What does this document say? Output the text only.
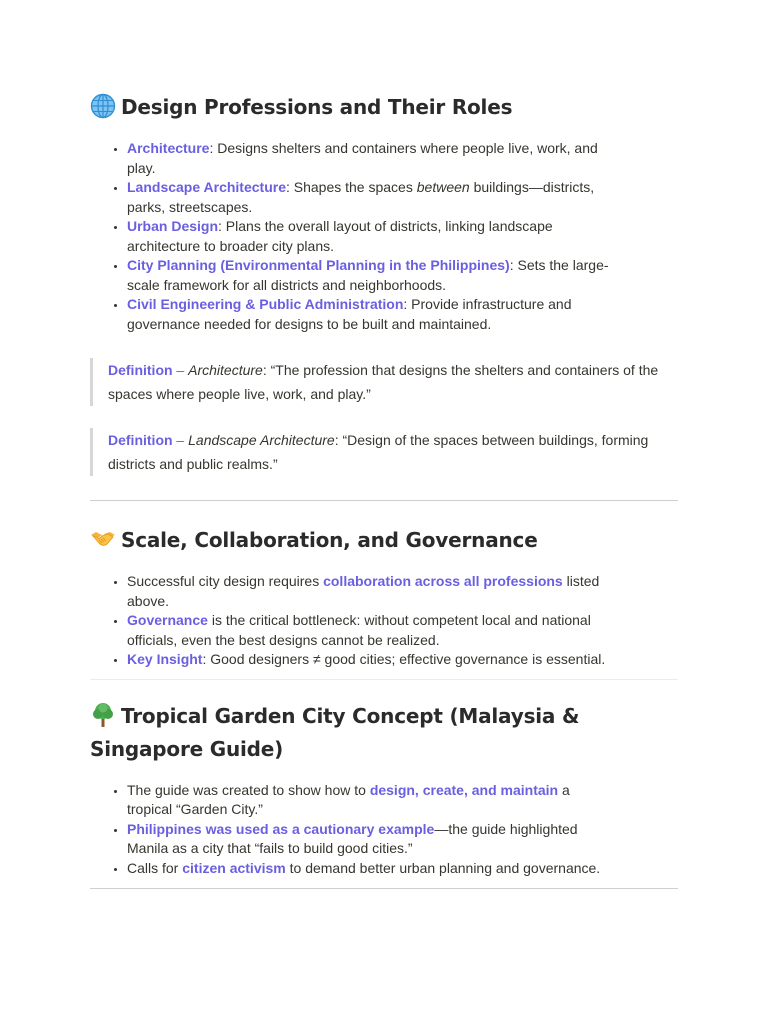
Design Professions and Their Roles
• Architecture: Designs shelters and containers where people live, work, and play.
• Landscape Architecture: Shapes the spaces between buildings—districts, parks, streetscapes.
• Urban Design: Plans the overall layout of districts, linking landscape architecture to broader city plans.
• City Planning (Environmental Planning in the Philippines): Sets the large-scale framework for all districts and neighborhoods.
• Civil Engineering & Public Administration: Provide infrastructure and governance needed for designs to be built and maintained.
Definition – Architecture: “The profession that designs the shelters and containers of the spaces where people live, work, and play.”
Definition – Landscape Architecture: “Design of the spaces between buildings, forming districts and public realms.”
Scale, Collaboration, and Governance
• Successful city design requires collaboration across all professions listed above.
• Governance is the critical bottleneck: without competent local and national officials, even the best designs cannot be realized.
• Key Insight: Good designers ≠ good cities; effective governance is essential.
Tropical Garden City Concept (Malaysia & Singapore Guide)
• The guide was created to show how to design, create, and maintain a tropical “Garden City.”
• Philippines was used as a cautionary example—the guide highlighted Manila as a city that “fails to build good cities.”
• Calls for citizen activism to demand better urban planning and governance.
